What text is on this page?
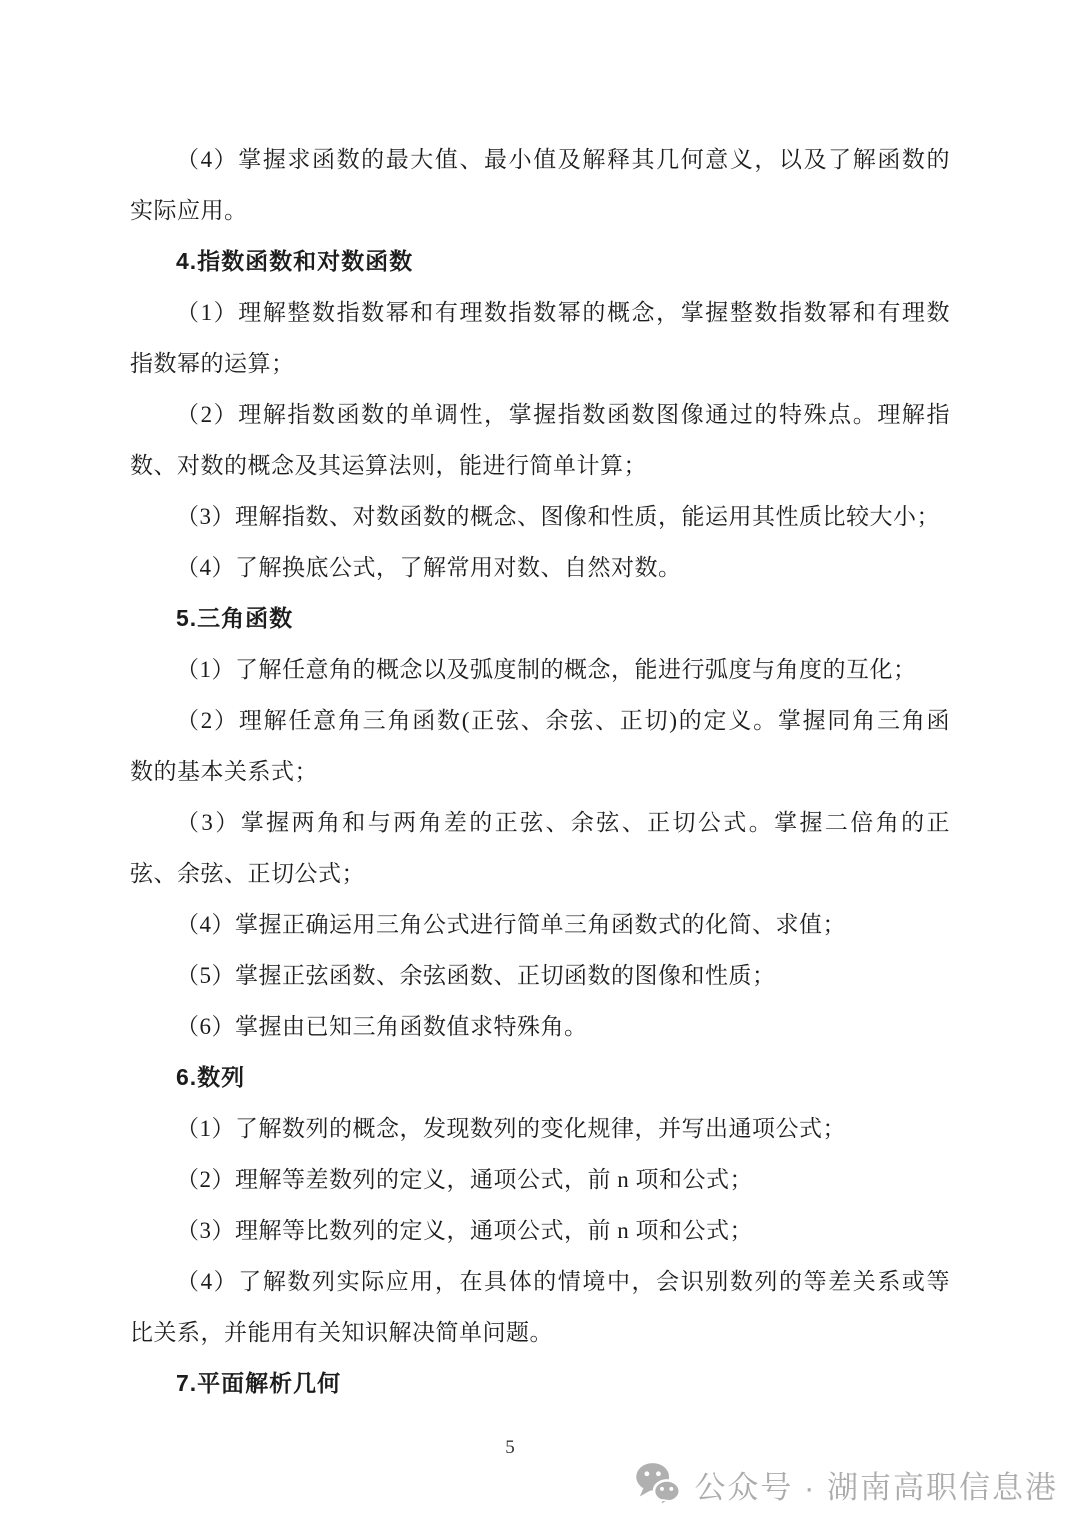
（4）掌握求函数的最大值、最小值及解释其几何意义，以及了解函数的
实际应用。
4.指数函数和对数函数
（1）理解整数指数幂和有理数指数幂的概念，掌握整数指数幂和有理数
指数幂的运算；
（2）理解指数函数的单调性，掌握指数函数图像通过的特殊点。理解指
数、对数的概念及其运算法则，能进行简单计算；
（3）理解指数、对数函数的概念、图像和性质，能运用其性质比较大小；
（4）了解换底公式，了解常用对数、自然对数。
5.三角函数
（1）了解任意角的概念以及弧度制的概念，能进行弧度与角度的互化；
（2）理解任意角三角函数(正弦、余弦、正切)的定义。掌握同角三角函
数的基本关系式；
（3）掌握两角和与两角差的正弦、余弦、正切公式。掌握二倍角的正
弦、余弦、正切公式；
（4）掌握正确运用三角公式进行简单三角函数式的化简、求值；
（5）掌握正弦函数、余弦函数、正切函数的图像和性质；
（6）掌握由已知三角函数值求特殊角。
6.数列
（1）了解数列的概念，发现数列的变化规律，并写出通项公式；
（2）理解等差数列的定义，通项公式，前 n 项和公式；
（3）理解等比数列的定义，通项公式，前 n 项和公式；
（4）了解数列实际应用，在具体的情境中，会识别数列的等差关系或等
比关系，并能用有关知识解决简单问题。
7.平面解析几何
5
公众号 · 湖南高职信息港
